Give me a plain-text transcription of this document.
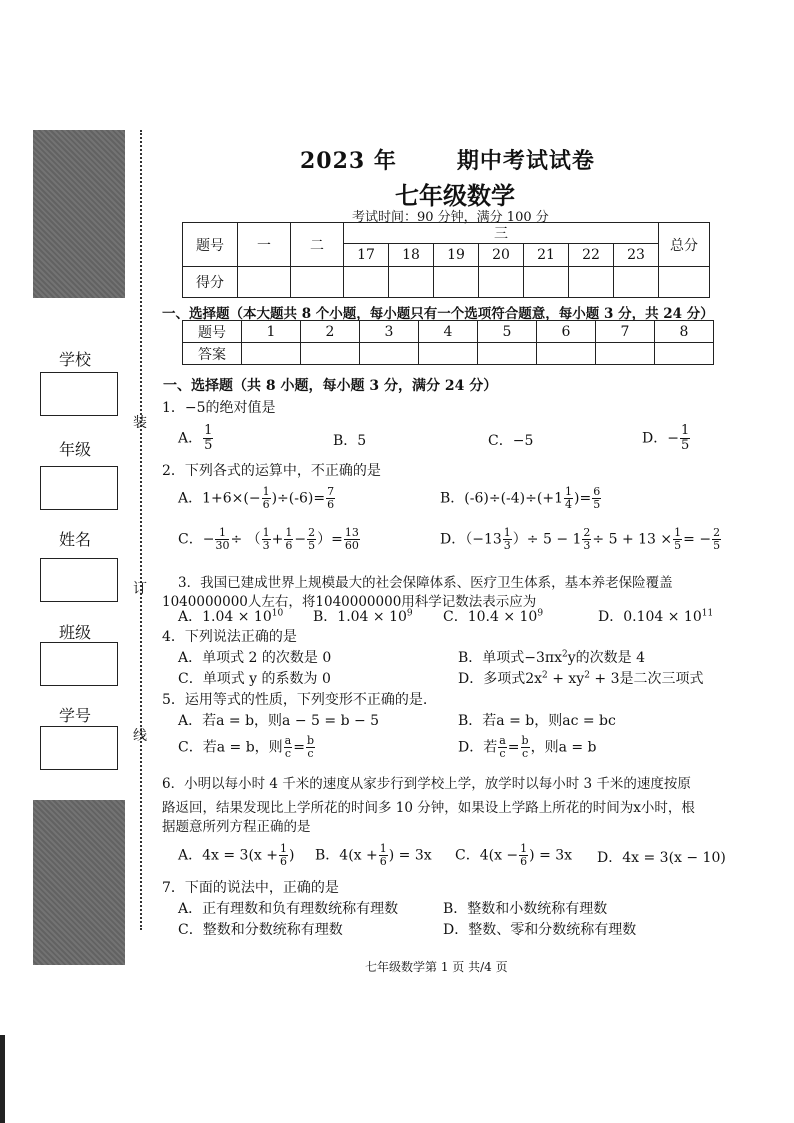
学校
年级
姓名
班级
学号
装
订
线
2023 年	期中考试试卷
七年级数学
考试时间：90 分钟，满分 100 分
题号	一	二	三							总分
			17	18	19	20	21	22	23	
得分										
一、选择题（本大题共 8 个小题，每小题只有一个选项符合题意，每小题 3 分，共 24 分）
题号	1	2	3	4	5	6	7	8
答案								
一、选择题（共 8 小题，每小题 3 分，满分 24 分）
1．−5的绝对值是
A． $\frac{1}{5}$	B．5	C．−5	D．− $\frac{1}{5}$
2．下列各式的运算中，不正确的是
A．$1+6\times(- \frac{1}{6} )\div(-6)= \frac{7}{6}$	B．$(-6)\div(-4)\div(+1 \frac{1}{4}$ )= $\frac{6}{5}$
C．− $\frac{1}{30}$ ÷ （ $\frac{1}{3} + \frac{1}{6} - \frac{2}{5}$ ）= $\frac{13}{60}$	D．（$-13 \frac{1}{3}$ ）÷ $5 - 1 \frac{2}{3} \div 5 + 13 \times \frac{1}{5}$ = − $\frac{2}{5}$
3．我国已建成世界上规模最大的社会保障体系、医疗卫生体系，基本养老保险覆盖
1040000000人左右，将1040000000用科学记数法表示应为
A．$1.04 \times 10^{10}$ B．$1.04 \times 10^9$ C．$10.4 \times 10^9$	D．$0.104 \times 10^{11}$
4．下列说法正确的是
A．单项式 2 的次数是 0	B．单项式$-3\pi x^2y$的次数是 4
C．单项式 y 的系数为 0	D．多项式$2x^2 + xy^2 + 3$是二次三项式
5．运用等式的性质，下列变形不正确的是.
A．若a = b，则a − 5 = b − 5	B．若a = b，则ac = bc
C．若a = b，则 $\frac{a}{c} = \frac{b}{c}$	D．若 $\frac{a}{c} = \frac{b}{c}$ ，则a = b
6．小明以每小时 4 千米的速度从家步行到学校上学，放学时以每小时 3 千米的速度按原
路返回，结果发现比上学所花的时间多 10 分钟，如果设上学路上所花的时间为x小时，根
据题意所列方程正确的是
A．$4x = 3(x + \frac{1}{6}$ ) B．$4(x + \frac{1}{6}$ ) = 3x C．$4(x - \frac{1}{6}$ ) = 3x D．4x = 3(x − 10)
7．下面的说法中，正确的是
A．正有理数和负有理数统称有理数	B．整数和小数统称有理数
C．整数和分数统称有理数	D．整数、零和分数统称有理数
七年级数学第 1 页 共/4 页
